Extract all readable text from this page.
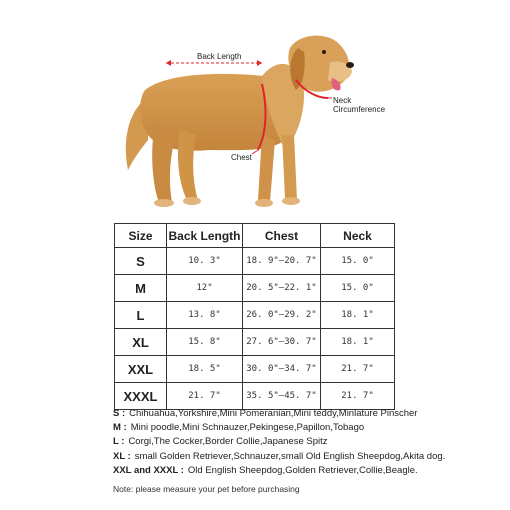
Back Length
Neck
Circumference
Chest
Size	Back Length	Chest	Neck
S	10. 3"	18. 9"–20. 7"	15. 0"
M	12"	20. 5"–22. 1"	15. 0"
L	13. 8"	26. 0"–29. 2"	18. 1"
XL	15. 8"	27. 6"–30. 7"	18. 1"
XXL	18. 5"	30. 0"–34. 7"	21. 7"
XXXL	21. 7"	35. 5"–45. 7"	21. 7"
S : Chihuahua,Yorkshire,Mini Pomeranian,Mini teddy,Minlature Pinscher
M : Mini poodle,Mini Schnauzer,Pekingese,Papillon,Tobago
L : Corgi,The Cocker,Border Collie,Japanese Spitz
XL : small Golden Retriever,Schnauzer,small Old English Sheepdog,Akita dog.
XXL and XXXL : Old English Sheepdog,Golden Retriever,Collie,Beagle.
Note: please measure your pet before purchasing
